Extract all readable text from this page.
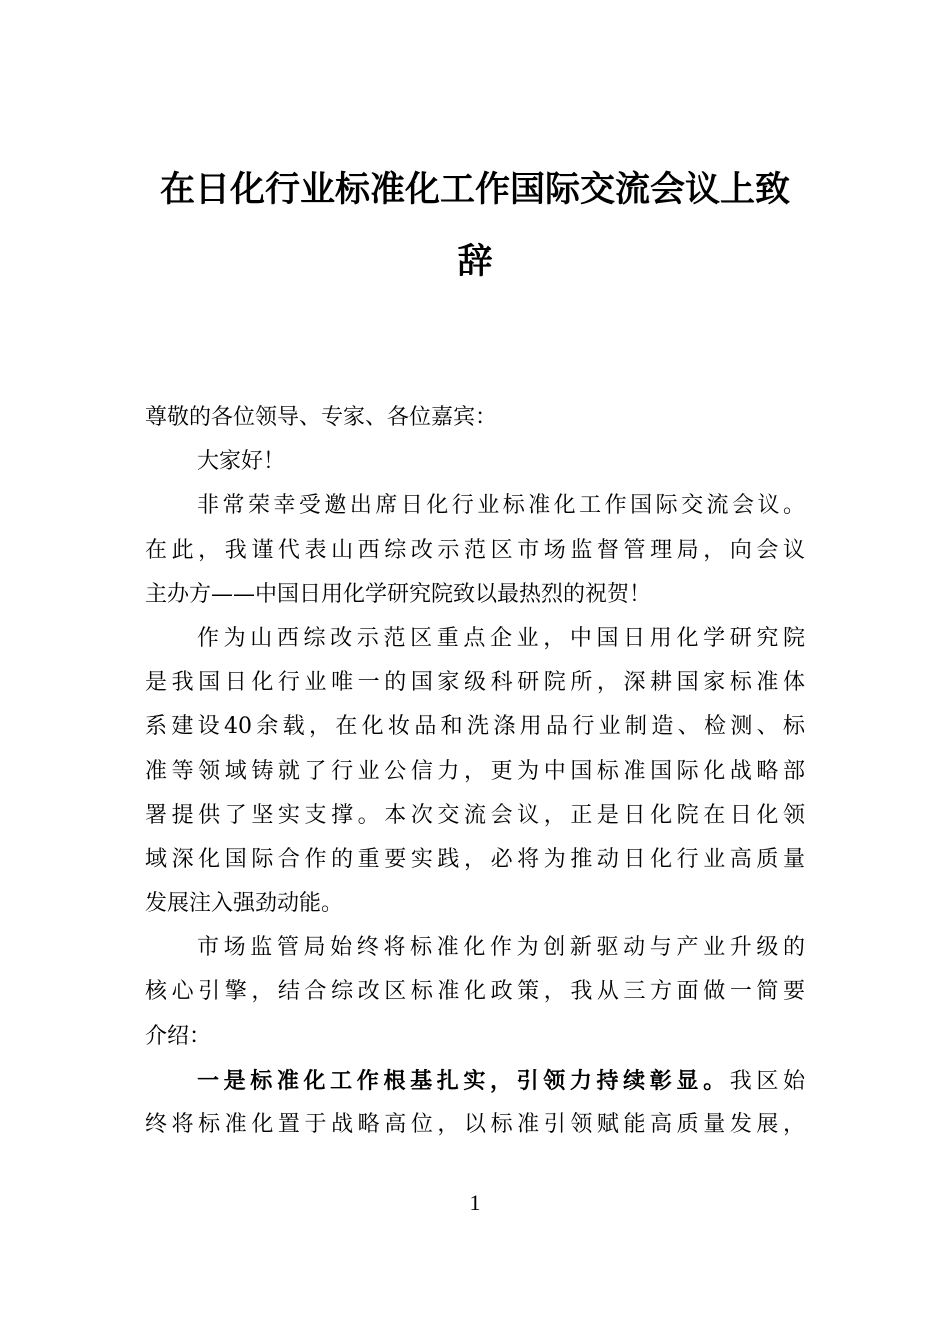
在日化行业标准化工作国际交流会议上致
辞
尊敬的各位领导、专家、各位嘉宾：
大家好！
非常荣幸受邀出席日化行业标准化工作国际交流会议。
在此，我谨代表山西综改示范区市场监督管理局，向会议
主办方——中国日用化学研究院致以最热烈的祝贺！
作为山西综改示范区重点企业，中国日用化学研究院
是我国日化行业唯一的国家级科研院所，深耕国家标准体
系建设40余载，在化妆品和洗涤用品行业制造、检测、标
准等领域铸就了行业公信力，更为中国标准国际化战略部
署提供了坚实支撑。本次交流会议，正是日化院在日化领
域深化国际合作的重要实践，必将为推动日化行业高质量
发展注入强劲动能。
市场监管局始终将标准化作为创新驱动与产业升级的
核心引擎，结合综改区标准化政策，我从三方面做一简要
介绍：
一是标准化工作根基扎实，引领力持续彰显。我区始
终将标准化置于战略高位，以标准引领赋能高质量发展，
1
